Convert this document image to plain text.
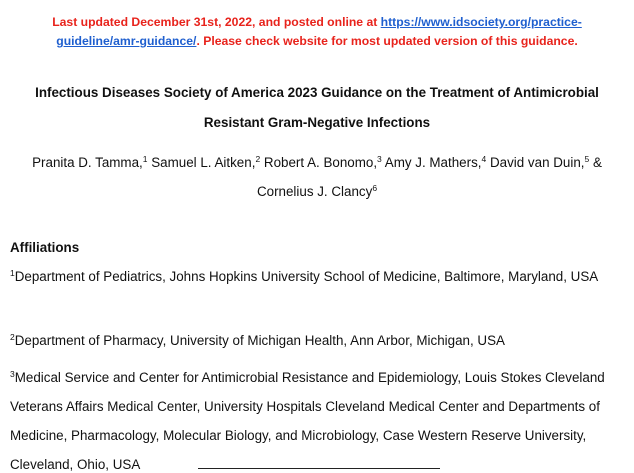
Last updated December 31st, 2022, and posted online at https://www.idsociety.org/practice-
guideline/amr-guidance/. Please check website for most updated version of this guidance.
Infectious Diseases Society of America 2023 Guidance on the Treatment of Antimicrobial
Resistant Gram-Negative Infections
Pranita D. Tamma,$^1$ Samuel L. Aitken,$^2$ Robert A. Bonomo,$^3$ Amy J. Mathers,$^4$ David van Duin,$^5$ &
Cornelius J. Clancy$^6$
Affiliations
$^1$Department of Pediatrics, Johns Hopkins University School of Medicine, Baltimore, Maryland, USA
$^2$Department of Pharmacy, University of Michigan Health, Ann Arbor, Michigan, USA
$^3$Medical Service and Center for Antimicrobial Resistance and Epidemiology, Louis Stokes Cleveland Veterans Affairs Medical Center, University Hospitals Cleveland Medical Center and Departments of Medicine, Pharmacology, Molecular Biology, and Microbiology, Case Western Reserve University, Cleveland, Ohio, USA
